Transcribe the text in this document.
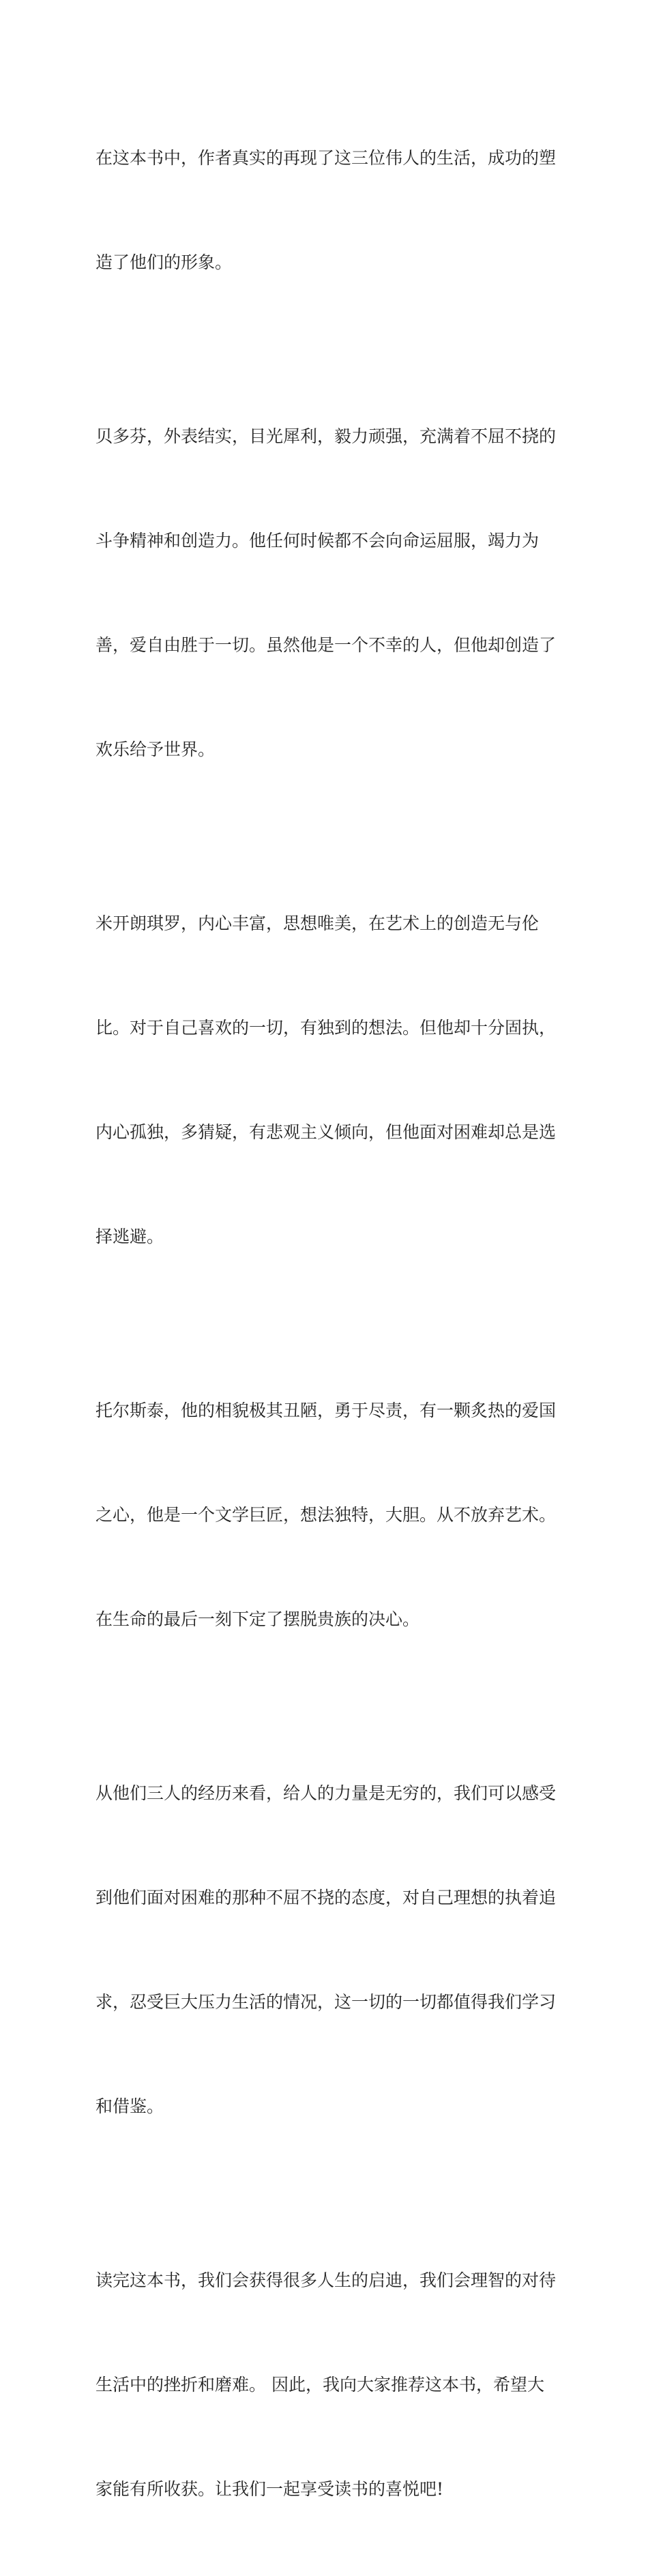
在这本书中，作者真实的再现了这三位伟人的生活，成功的塑

造了他们的形象。

贝多芬，外表结实，目光犀利，毅力顽强，充满着不屈不挠的

斗争精神和创造力。他任何时候都不会向命运屈服，竭力为

善，爱自由胜于一切。虽然他是一个不幸的人，但他却创造了

欢乐给予世界。

米开朗琪罗，内心丰富，思想唯美，在艺术上的创造无与伦

比。对于自己喜欢的一切，有独到的想法。但他却十分固执，

内心孤独，多猜疑，有悲观主义倾向，但他面对困难却总是选

择逃避。

托尔斯泰，他的相貌极其丑陋，勇于尽责，有一颗炙热的爱国

之心，他是一个文学巨匠，想法独特，大胆。从不放弃艺术。

在生命的最后一刻下定了摆脱贵族的决心。

从他们三人的经历来看，给人的力量是无穷的，我们可以感受

到他们面对困难的那种不屈不挠的态度，对自己理想的执着追

求，忍受巨大压力生活的情况，这一切的一切都值得我们学习

和借鉴。

读完这本书，我们会获得很多人生的启迪，我们会理智的对待

生活中的挫折和磨难。 因此，我向大家推荐这本书，希望大

家能有所收获。让我们一起享受读书的喜悦吧!
